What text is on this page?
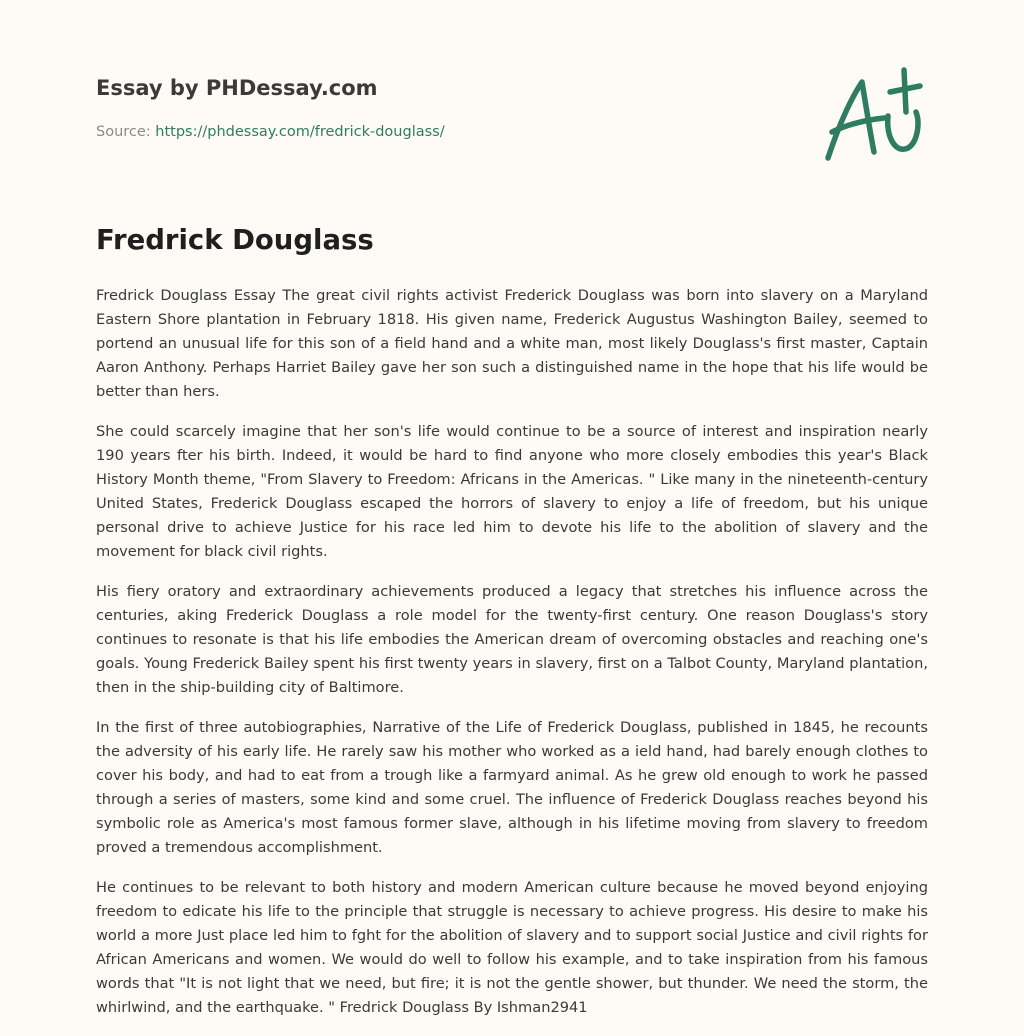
Essay by PHDessay.com
Source: https://phdessay.com/fredrick-douglass/
Fredrick Douglass

Fredrick Douglass Essay The great civil rights activist Frederick Douglass was born into slavery on a Maryland Eastern Shore plantation in February 1818. His given name, Frederick Augustus Washington Bailey, seemed to portend an unusual life for this son of a field hand and a white man, most likely Douglass's first master, Captain Aaron Anthony. Perhaps Harriet Bailey gave her son such a distinguished name in the hope that his life would be better than hers.

She could scarcely imagine that her son's life would continue to be a source of interest and inspiration nearly 190 years fter his birth. Indeed, it would be hard to find anyone who more closely embodies this year's Black History Month theme, "From Slavery to Freedom: Africans in the Americas. " Like many in the nineteenth-century United States, Frederick Douglass escaped the horrors of slavery to enjoy a life of freedom, but his unique personal drive to achieve Justice for his race led him to devote his life to the abolition of slavery and the movement for black civil rights.

His fiery oratory and extraordinary achievements produced a legacy that stretches his influence across the centuries, aking Frederick Douglass a role model for the twenty-first century. One reason Douglass's story continues to resonate is that his life embodies the American dream of overcoming obstacles and reaching one's goals. Young Frederick Bailey spent his first twenty years in slavery, first on a Talbot County, Maryland plantation, then in the ship-building city of Baltimore.

In the first of three autobiographies, Narrative of the Life of Frederick Douglass, published in 1845, he recounts the adversity of his early life. He rarely saw his mother who worked as a ield hand, had barely enough clothes to cover his body, and had to eat from a trough like a farmyard animal. As he grew old enough to work he passed through a series of masters, some kind and some cruel. The influence of Frederick Douglass reaches beyond his symbolic role as America's most famous former slave, although in his lifetime moving from slavery to freedom proved a tremendous accomplishment.

He continues to be relevant to both history and modern American culture because he moved beyond enjoying freedom to edicate his life to the principle that struggle is necessary to achieve progress. His desire to make his world a more Just place led him to fght for the abolition of slavery and to support social Justice and civil rights for African Americans and women. We would do well to follow his example, and to take inspiration from his famous words that "It is not light that we need, but fire; it is not the gentle shower, but thunder. We need the storm, the whirlwind, and the earthquake. " Fredrick Douglass By Ishman2941
